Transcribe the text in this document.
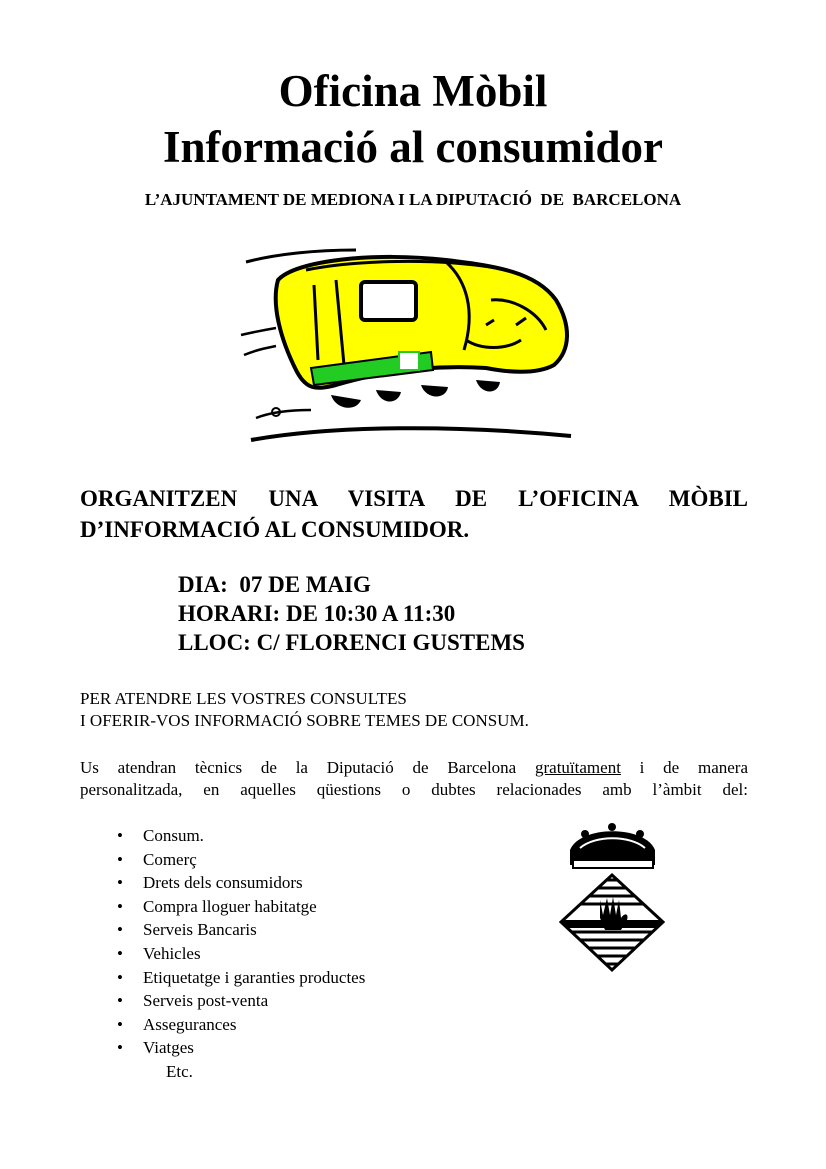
Oficina Mòbil
Informació al consumidor
L’AJUNTAMENT DE MEDIONA I LA DIPUTACIÓ  DE  BARCELONA
ORGANITZEN UNA VISITA DE L’OFICINA MÒBIL
D’INFORMACIÓ AL CONSUMIDOR.
DIA:  07 DE MAIG
HORARI: DE 10:30 A 11:30
LLOC: C/ FLORENCI GUSTEMS
PER ATENDRE LES VOSTRES CONSULTES
I OFERIR-VOS INFORMACIÓ SOBRE TEMES DE CONSUM.
Us atendran tècnics de la Diputació de Barcelona gratuïtament i de manera
personalitzada, en aquelles qüestions o dubtes relacionades amb l’àmbit del:
• Consum.
• Comerç
• Drets dels consumidors
• Compra lloguer habitatge
• Serveis Bancaris
• Vehicles
• Etiquetatge i garanties productes
• Serveis post-venta
• Assegurances
• Viatges
Etc.
